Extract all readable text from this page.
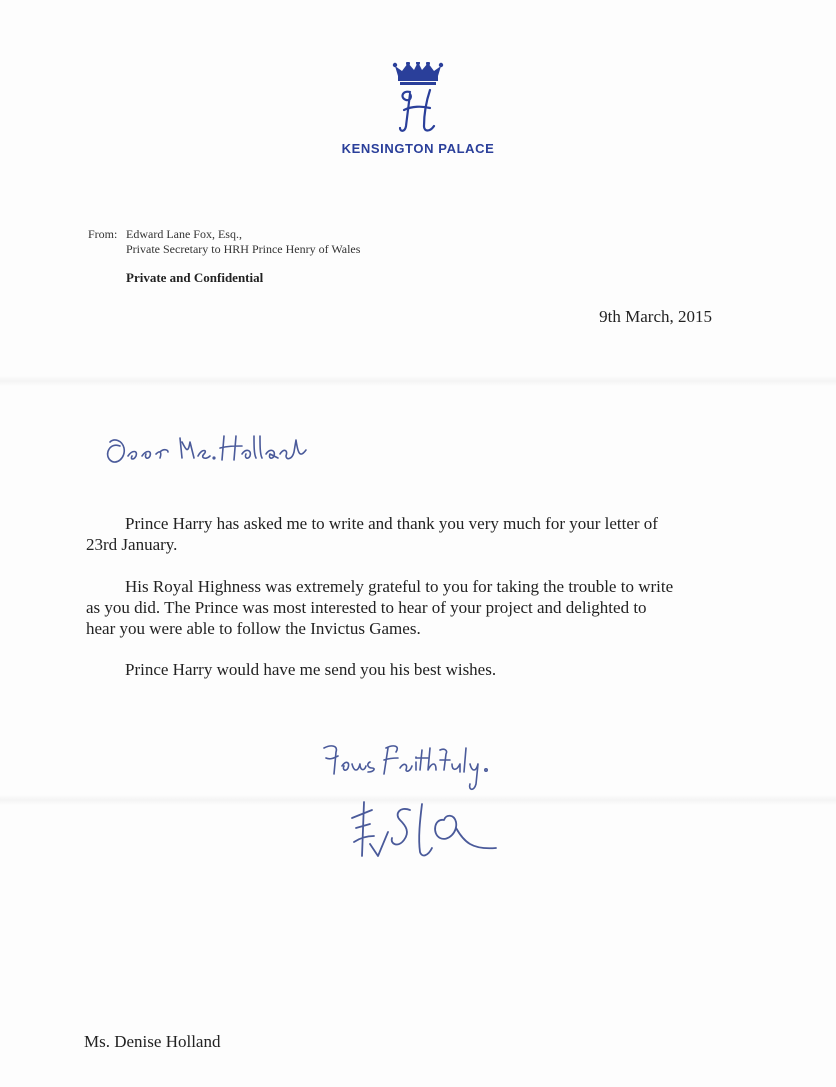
KENSINGTON PALACE
From: Edward Lane Fox, Esq.,
Private Secretary to HRH Prince Henry of Wales
Private and Confidential
9th March, 2015
Prince Harry has asked me to write and thank you very much for your letter of
23rd January.
His Royal Highness was extremely grateful to you for taking the trouble to write
as you did. The Prince was most interested to hear of your project and delighted to
hear you were able to follow the Invictus Games.
Prince Harry would have me send you his best wishes.
Ms. Denise Holland
